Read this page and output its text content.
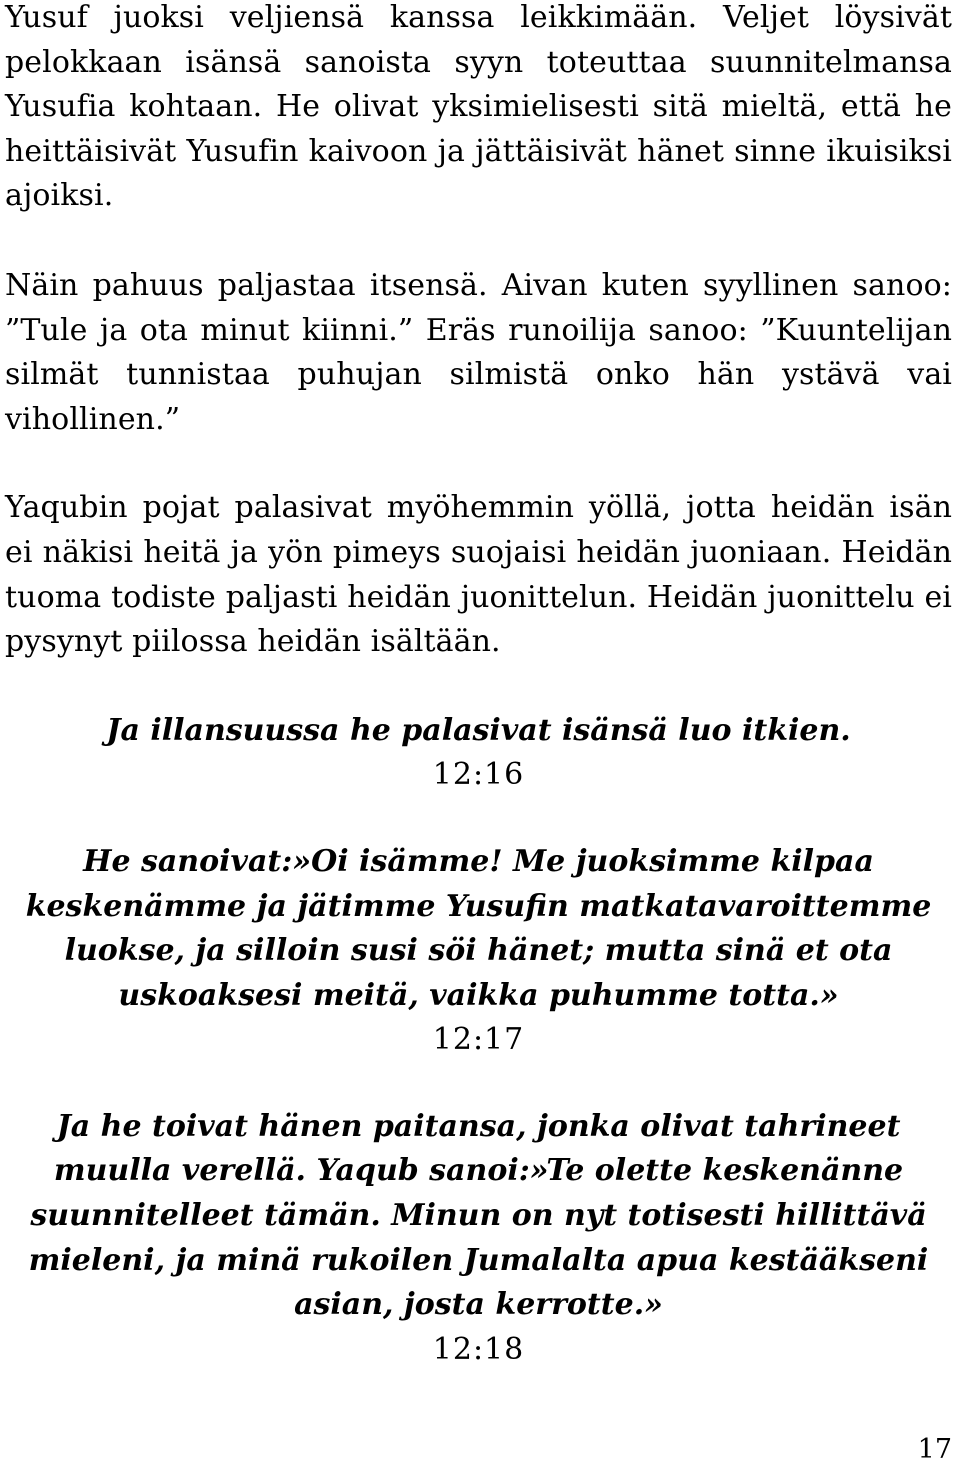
Yusuf juoksi veljiensä kanssa leikkimään. Veljet löysivät pelokkaan isänsä sanoista syyn toteuttaa suunnitelmansa Yusufia kohtaan. He olivat yksimielisesti sitä mieltä, että he heittäisivät Yusufin kaivoon ja jättäisivät hänet sinne ikuisiksi ajoiksi.

Näin pahuus paljastaa itsensä. Aivan kuten syyllinen sanoo: ”Tule ja ota minut kiinni.” Eräs runoilija sanoo: ”Kuuntelijan silmät tunnistaa puhujan silmistä onko hän ystävä vai vihollinen.”

Yaqubin pojat palasivat myöhemmin yöllä, jotta heidän isän ei näkisi heitä ja yön pimeys suojaisi heidän juoniaan. Heidän tuoma todiste paljasti heidän juonittelun. Heidän juonittelu ei pysynyt piilossa heidän isältään.

Ja illansuussa he palasivat isänsä luo itkien.

12:16

He sanoivat:»Oi isämme! Me juoksimme kilpaa keskenämme ja jätimme Yusufin matkatavaroittemme luokse, ja silloin susi söi hänet; mutta sinä et ota uskoaksesi meitä, vaikka puhumme totta.»

12:17

Ja he toivat hänen paitansa, jonka olivat tahrineet muulla verellä. Yaqub sanoi:»Te olette keskenänne suunnitelleet tämän. Minun on nyt totisesti hillittävä mieleni, ja minä rukoilen Jumalalta apua kestääkseni asian, josta kerrotte.»

12:18

17
